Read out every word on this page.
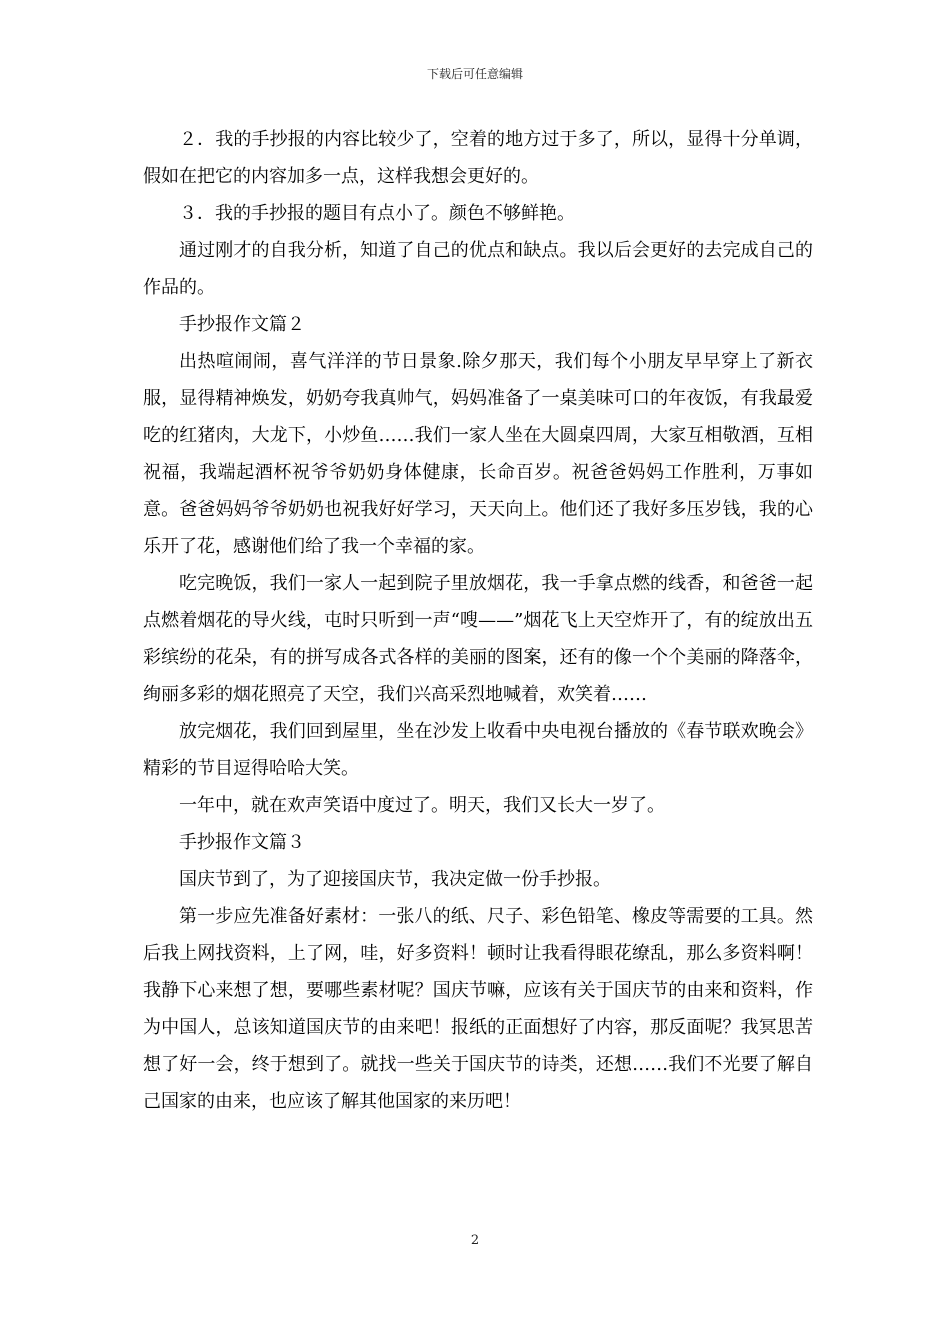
下载后可任意编辑

２．我的手抄报的内容比较少了，空着的地方过于多了，所以，显得十分单调，假如在把它的内容加多一点，这样我想会更好的。

３．我的手抄报的题目有点小了。颜色不够鲜艳。

通过刚才的自我分析，知道了自己的优点和缺点。我以后会更好的去完成自己的作品的。

手抄报作文篇２

出热喧闹闹，喜气洋洋的节日景象.除夕那天，我们每个小朋友早早穿上了新衣服，显得精神焕发，奶奶夸我真帅气，妈妈准备了一桌美味可口的年夜饭，有我最爱吃的红猪肉，大龙下，小炒鱼……我们一家人坐在大圆桌四周，大家互相敬酒，互相祝福，我端起酒杯祝爷爷奶奶身体健康，长命百岁。祝爸爸妈妈工作胜利，万事如意。爸爸妈妈爷爷奶奶也祝我好好学习，天天向上。他们还了我好多压岁钱，我的心乐开了花，感谢他们给了我一个幸福的家。

吃完晚饭，我们一家人一起到院子里放烟花，我一手拿点燃的线香，和爸爸一起点燃着烟花的导火线，屯时只听到一声“嗖——”烟花飞上天空炸开了，有的绽放出五彩缤纷的花朵，有的拼写成各式各样的美丽的图案，还有的像一个个美丽的降落伞，绚丽多彩的烟花照亮了天空，我们兴高采烈地喊着，欢笑着……

放完烟花，我们回到屋里，坐在沙发上收看中央电视台播放的《春节联欢晚会》精彩的节目逗得哈哈大笑。

一年中，就在欢声笑语中度过了。明天，我们又长大一岁了。

手抄报作文篇３

国庆节到了，为了迎接国庆节，我决定做一份手抄报。

第一步应先准备好素材：一张八的纸、尺子、彩色铅笔、橡皮等需要的工具。然后我上网找资料，上了网，哇，好多资料！顿时让我看得眼花缭乱，那么多资料啊！我静下心来想了想，要哪些素材呢？国庆节嘛，应该有关于国庆节的由来和资料，作为中国人，总该知道国庆节的由来吧！报纸的正面想好了内容，那反面呢？我冥思苦想了好一会，终于想到了。就找一些关于国庆节的诗类，还想……我们不光要了解自己国家的由来，也应该了解其他国家的来历吧！

2
